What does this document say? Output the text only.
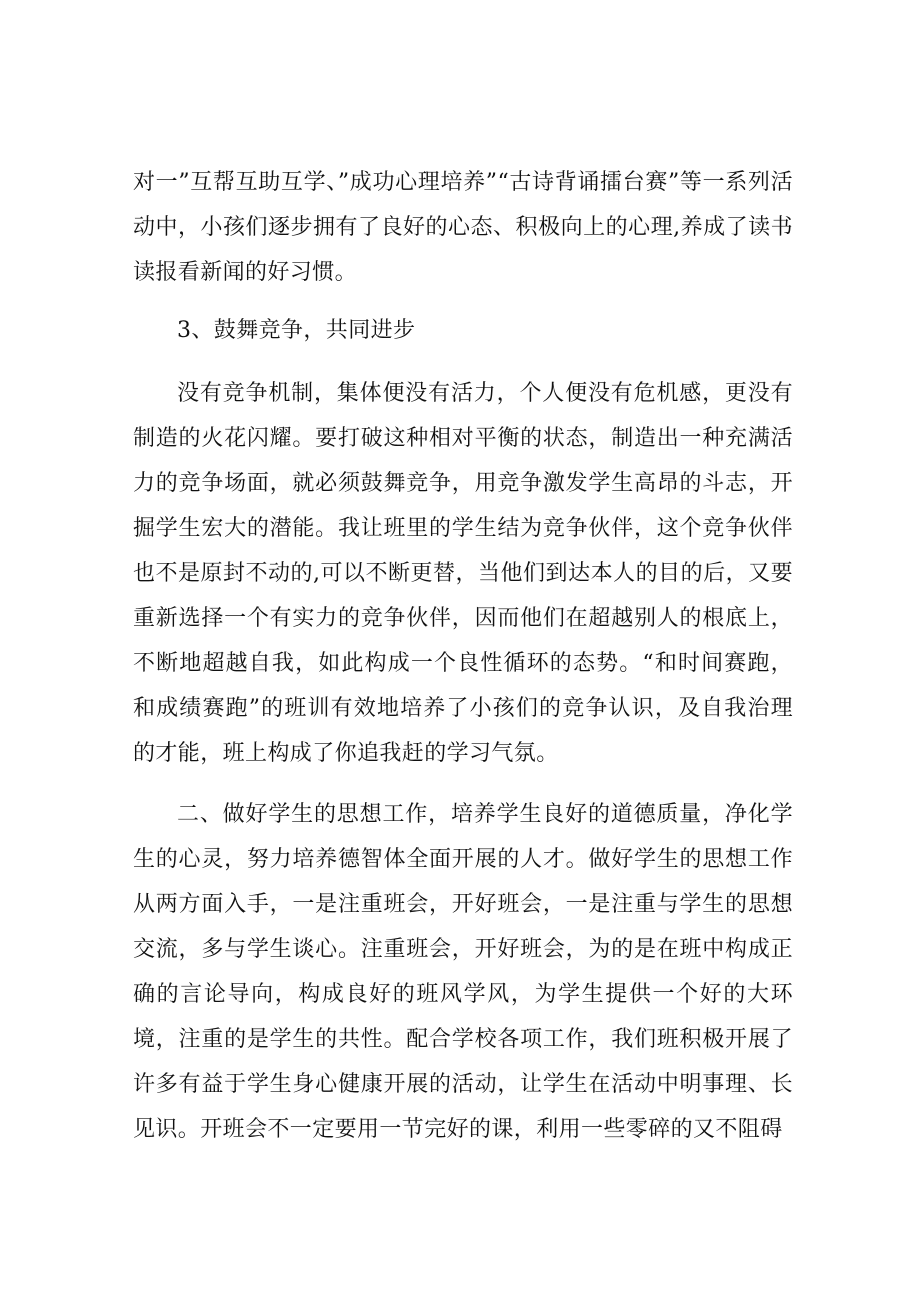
对一”互帮互助互学、”成功心理培养”“古诗背诵擂台赛”等一系列活动中，小孩们逐步拥有了良好的心态、积极向上的心理,养成了读书读报看新闻的好习惯。

3、鼓舞竞争，共同进步

没有竞争机制，集体便没有活力，个人便没有危机感，更没有制造的火花闪耀。要打破这种相对平衡的状态，制造出一种充满活力的竞争场面，就必须鼓舞竞争，用竞争激发学生高昂的斗志，开掘学生宏大的潜能。我让班里的学生结为竞争伙伴，这个竞争伙伴也不是原封不动的,可以不断更替，当他们到达本人的目的后，又要重新选择一个有实力的竞争伙伴，因而他们在超越别人的根底上，不断地超越自我，如此构成一个良性循环的态势。“和时间赛跑，和成绩赛跑”的班训有效地培养了小孩们的竞争认识，及自我治理的才能，班上构成了你追我赶的学习气氛。

二、做好学生的思想工作，培养学生良好的道德质量，净化学生的心灵，努力培养德智体全面开展的人才。做好学生的思想工作从两方面入手，一是注重班会，开好班会，一是注重与学生的思想交流，多与学生谈心。注重班会，开好班会，为的是在班中构成正确的言论导向，构成良好的班风学风，为学生提供一个好的大环境，注重的是学生的共性。配合学校各项工作，我们班积极开展了许多有益于学生身心健康开展的活动，让学生在活动中明事理、长见识。开班会不一定要用一节完好的课，利用一些零碎的又不阻碍
